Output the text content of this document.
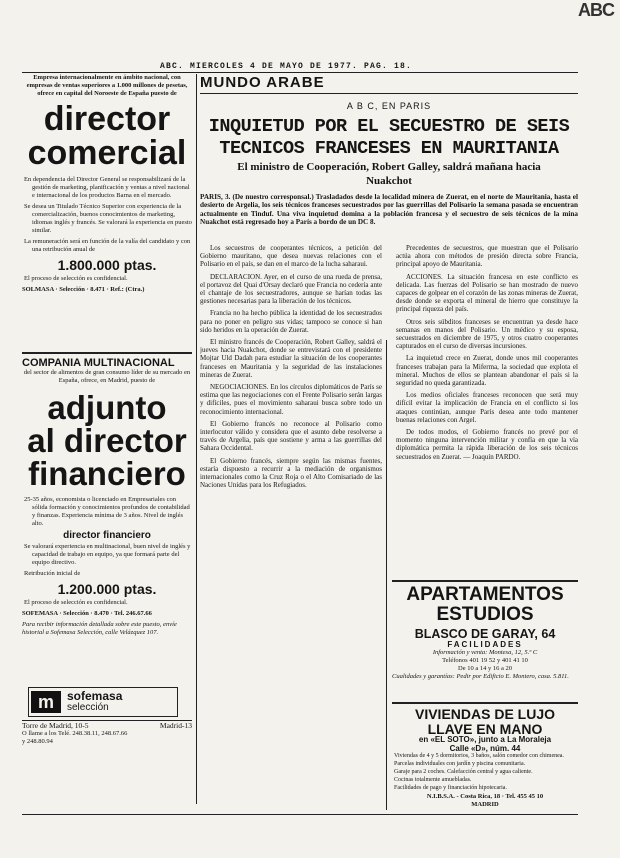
ABC
ABC. MIERCOLES 4 DE MAYO DE 1977. PAG. 18.

Empresa internacionalmente en ámbito nacional, con empresas de ventas superiores a 1.000 millones de pesetas, ofrece en capital del Noroeste de España puesto de

director

comercial

En dependencia del Director General se responsabilizará de la gestión de marketing, planificación y ventas a nivel nacional e internacional de los productos Barna en el mercado.

Se desea un Titulado Técnico Superior con experiencia de la comercialización, buenos conocimientos de marketing, idiomas inglés y francés. Se valorará la experiencia en puesto similar.

La remuneración será en función de la valía del candidato y con una retribución anual de

1.800.000 ptas.

El proceso de selección es confidencial.

SOLMASA · Selección · 8.471 · Ref.: (Ctra.)

COMPAÑIA MULTINACIONAL

del sector de alimentos de gran consumo líder de su mercado en España, ofrece, en Madrid, puesto de

adjunto

al director

financiero

25-35 años, economista o licenciado en Empresariales con sólida formación y conocimientos profundos de contabilidad y finanzas. Experiencia mínima de 3 años. Nivel de inglés alto.

director financiero

Se valorará experiencia en multinacional, buen nivel de inglés y capacidad de trabajo en equipo, ya que formará parte del equipo directivo.

Retribución inicial de

1.200.000 ptas.

El proceso de selección es confidencial.

SOFEMASA · Selección · 8.470 · Tel. 246.67.66

Para recibir información detallada sobre este puesto, envíe historial a Sofemasa Selección, calle Velázquez 107.

m	sofemasa
selección
Torre de Madrid, 10-5	Madrid-13
O llame a los Telé. 248.38.11, 248.67.66
y 248.80.94

MUNDO ARABE

A B C, EN PARIS

INQUIETUD POR EL SECUESTRO DE SEIS

TECNICOS FRANCESES EN MAURITANIA

El ministro de Cooperación, Robert Galley, saldrá mañana hacia

Nuakchot

PARIS, 3. (De nuestro corresponsal.) Trasladados desde la localidad minera de Zuerat, en el norte de Mauritania, hasta el desierto de Argelia, los seis técnicos franceses secuestrados por las guerrillas del Polisario la semana pasada se encuentran actualmente en Tinduf. Una viva inquietud domina a la población francesa y el secuestro de seis técnicos de la mina Nuakchot está regresado hoy a París a bordo de un DC 8.

Los secuestros de cooperantes técnicos, a petición del Gobierno mauritano, que desea nuevas relaciones con el Polisario en el país, se dan en el marco de la lucha saharaui.

DECLARACION. Ayer, en el curso de una rueda de prensa, el portavoz del Quai d'Orsay declaró que Francia no cedería ante el chantaje de los secuestradores, aunque se harían todas las gestiones necesarias para la liberación de los técnicos.

Francia no ha hecho pública la identidad de los secuestrados para no poner en peligro sus vidas; tampoco se conoce si han sido heridos en la operación de Zuerat.

El ministro francés de Cooperación, Robert Galley, saldrá el jueves hacia Nuakchot, donde se entrevistará con el presidente Mojtar Uld Dadah para estudiar la situación de los cooperantes franceses en Mauritania y la seguridad de las instalaciones mineras de Zuerat.

NEGOCIACIONES. En los círculos diplomáticos de París se estima que las negociaciones con el Frente Polisario serán largas y difíciles, pues el movimiento saharaui busca sobre todo un reconocimiento internacional.

El Gobierno francés no reconoce al Polisario como interlocutor válido y considera que el asunto debe resolverse a través de Argelia, país que sostiene y arma a las guerrillas del Sahara Occidental.

El Gobierno francés, siempre según las mismas fuentes, estaría dispuesto a recurrir a la mediación de organismos internacionales como la Cruz Roja o el Alto Comisariado de las Naciones Unidas para los Refugiados.

Precedentes de secuestros, que muestran que el Polisario actúa ahora con métodos de presión directa sobre Francia, principal apoyo de Mauritania.

ACCIONES. La situación francesa en este conflicto es delicada. Las fuerzas del Polisario se han mostrado de nuevo capaces de golpear en el corazón de las zonas mineras de Zuerat, desde donde se exporta el mineral de hierro que constituye la principal riqueza del país.

Otros seis súbditos franceses se encuentran ya desde hace semanas en manos del Polisario. Un médico y su esposa, secuestrados en diciembre de 1975, y otros cuatro cooperantes capturados en el curso de diversas incursiones.

La inquietud crece en Zuerat, donde unos mil cooperantes franceses trabajan para la Miferma, la sociedad que explota el mineral. Muchos de ellos se plantean abandonar el país si la seguridad no queda garantizada.

Los medios oficiales franceses reconocen que será muy difícil evitar la implicación de Francia en el conflicto si los ataques continúan, aunque París desea ante todo mantener buenas relaciones con Argel.

De todos modos, el Gobierno francés no prevé por el momento ninguna intervención militar y confía en que la vía diplomática permita la rápida liberación de los seis técnicos secuestrados en Zuerat. — Joaquín PARDO.

APARTAMENTOS

ESTUDIOS

BLASCO DE GARAY, 64

FACILIDADES

Información y venta: Montesa, 12, 5.º C

Teléfonos 401 19 52 y 401 41 10

De 10 a 14 y 16 a 20

Cualidades y garantías: Pedir por Edificio E. Montero, casa. 5.811.

VIVIENDAS DE LUJO

LLAVE EN MANO

en «EL SOTO», junto a La Moraleja

Calle «D», núm. 44

Viviendas de 4 y 5 dormitorios, 3 baños, salón comedor con chimenea.

Parcelas individuales con jardín y piscina comunitaria.

Garaje para 2 coches. Calefacción central y agua caliente.

Cocinas totalmente amuebladas.

Facilidades de pago y financiación hipotecaria.

N.I.B.S.A. - Costa Rica, 18 · Tel. 455 45 10

MADRID
